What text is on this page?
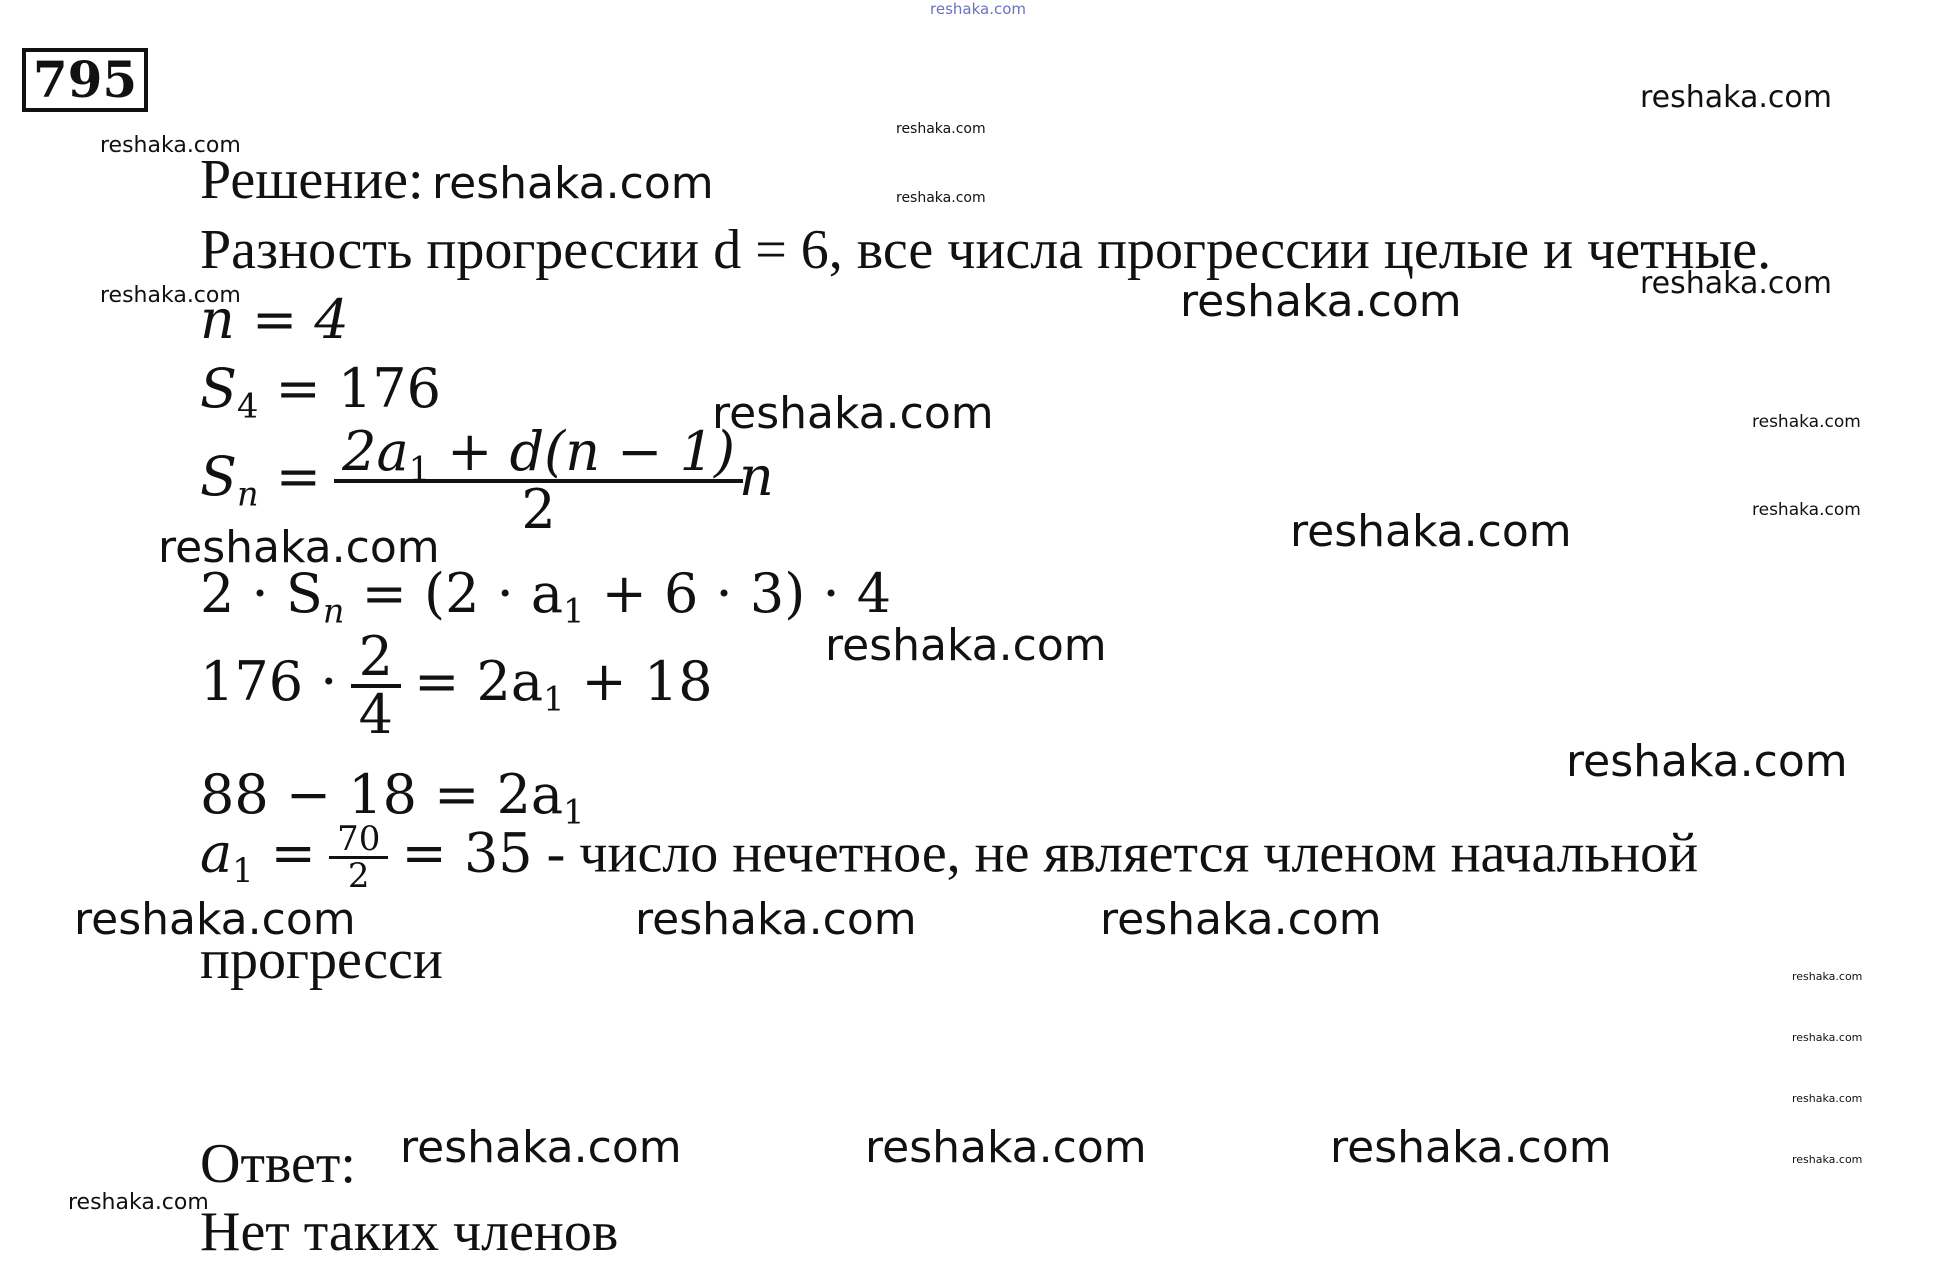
reshaka.com
795
Решение:
Разность прогрессии d = 6, все числа прогрессии целые и четные.
n = 4
$S_4 = 176$
$S_n = \frac{2a_1 + d(n - 1)}{2}$ n
$2 \cdot S_n = (2 \cdot a_1 + 6 \cdot 3) \cdot 4$
$176 \cdot \frac{2}{4} = 2a_1 + 18$
$88 - 18 = 2a_1$
$a_1 = \frac{70}{2} = 35$ - число нечетное, не является членом начальной
прогресси
Ответ:
Нет таких членов
reshaka.com
reshaka.com
reshaka.com
reshaka.com	reshaka.com
reshaka.com
reshaka.com
reshaka.com	reshaka.com	reshaka.com
reshaka.com	reshaka.com	reshaka.com
reshaka.com
reshaka.com
reshaka.com
reshaka.com
reshaka.com
reshaka.com
reshaka.com
reshaka.com
reshaka.com
reshaka.com
reshaka.com
reshaka.com
reshaka.com
